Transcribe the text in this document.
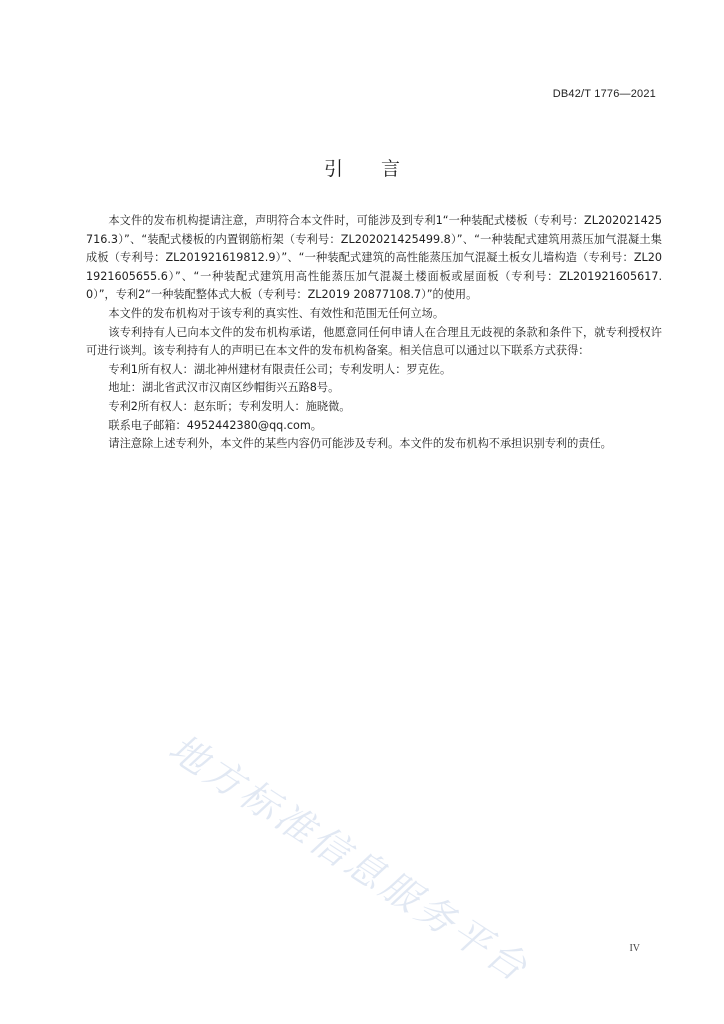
DB42/T 1776—2021
引言

本文件的发布机构提请注意，声明符合本文件时，可能涉及到专利1“一种装配式楼板（专利号：ZL202021425716.3）”、“装配式楼板的内置钢筋桁架（专利号：ZL202021425499.8）”、“一种装配式建筑用蒸压加气混凝土集成板（专利号：ZL201921619812.9）”、“一种装配式建筑的高性能蒸压加气混凝土板女儿墙构造（专利号：ZL201921605655.6）”、“一种装配式建筑用高性能蒸压加气混凝土楼面板或屋面板（专利号：ZL201921605617.0）”，专利2“一种装配整体式大板（专利号：ZL2019 20877108.7）”的使用。

本文件的发布机构对于该专利的真实性、有效性和范围无任何立场。

该专利持有人已向本文件的发布机构承诺，他愿意同任何申请人在合理且无歧视的条款和条件下，就专利授权许可进行谈判。该专利持有人的声明已在本文件的发布机构备案。相关信息可以通过以下联系方式获得：

专利1所有权人：湖北神州建材有限责任公司；专利发明人：罗克佐。

地址：湖北省武汉市汉南区纱帽街兴五路8号。

专利2所有权人：赵东昕；专利发明人：施晓微。

联系电子邮箱：4952442380@qq.com。

请注意除上述专利外，本文件的某些内容仍可能涉及专利。本文件的发布机构不承担识别专利的责任。

地方标准信息服务平台	IV
